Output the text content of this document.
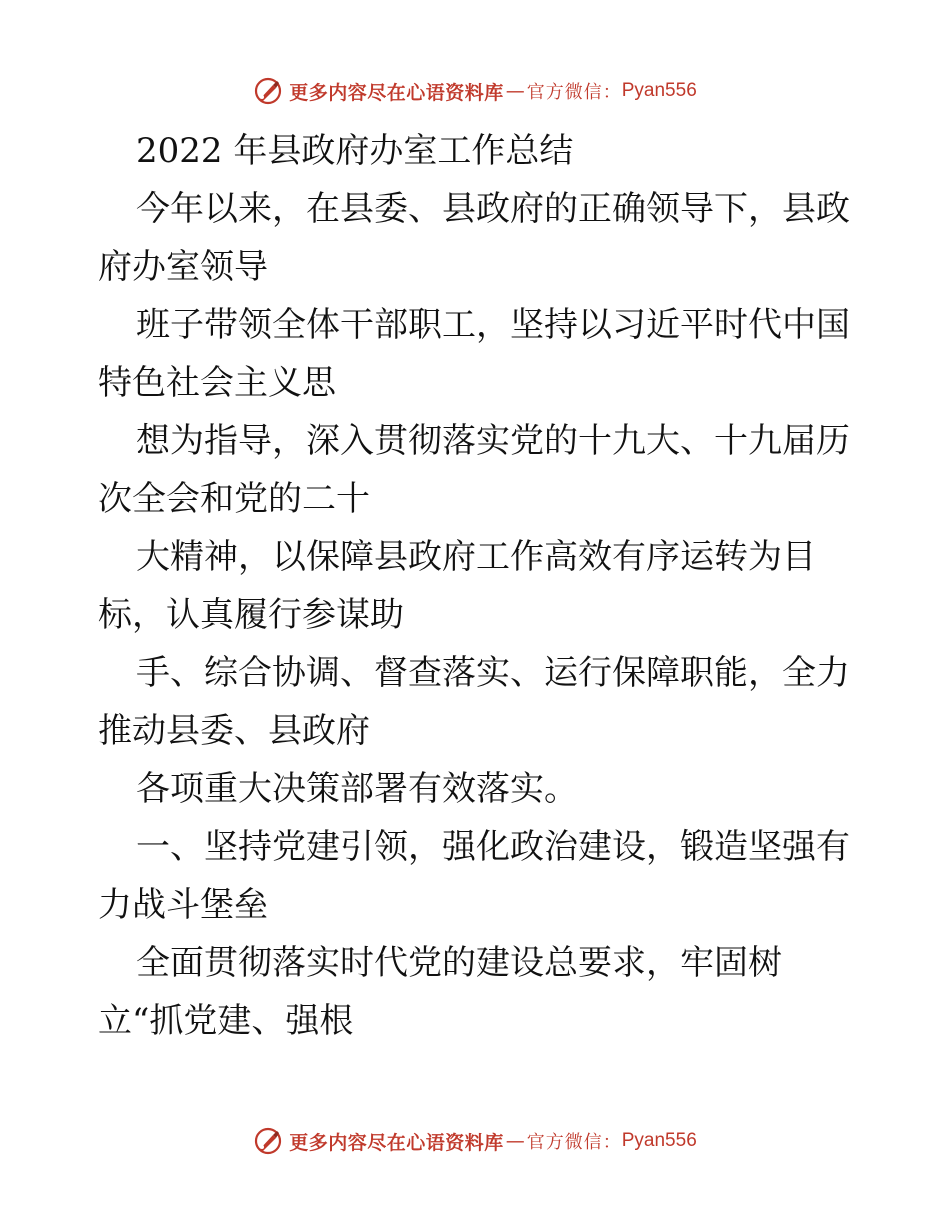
更多内容尽在心语资料库 — 官方微信： Pyan556

2022 年县政府办室工作总结

今年以来，在县委、县政府的正确领导下，县政

府办室领导

班子带领全体干部职工，坚持以习近平时代中国

特色社会主义思

想为指导，深入贯彻落实党的十九大、十九届历

次全会和党的二十

大精神，以保障县政府工作高效有序运转为目

标，认真履行参谋助

手、综合协调、督查落实、运行保障职能，全力

推动县委、县政府

各项重大决策部署有效落实。

一、坚持党建引领，强化政治建设，锻造坚强有

力战斗堡垒

全面贯彻落实时代党的建设总要求，牢固树

立“抓党建、强根

更多内容尽在心语资料库 — 官方微信： Pyan556
